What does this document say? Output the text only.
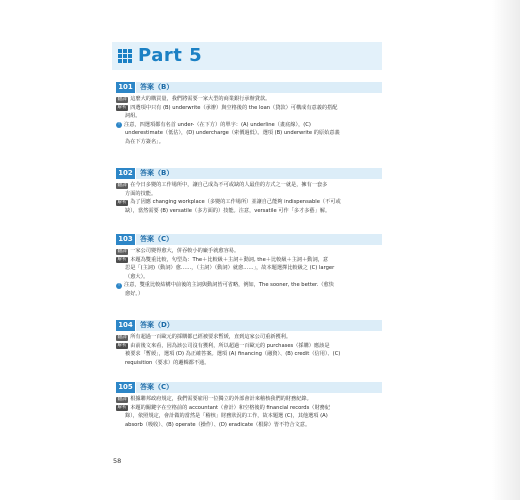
Part 5
101	答案（B）
翻譯 這麼大的購買量，我們將需要一家大型的商業銀行承辦貸款。
解析 四選項中只有 (B) underwrite（承辦）與空格後的 the loan（貸款）可構成有意義的搭配
詞組。
! 注意，四選項都有名首 under-（在下方）的單字：(A) underline（畫底線），(C)
underestimate（低估），(D) undercharge（索價過低）。選項 (B) underwrite 的原始意義
為在下方簽名」。
102	答案（B）
翻譯 在今日多變的工作場所中，讓自己成為不可或缺的人最佳的方式之一就是，擁有一套多
方面的技能。
解析 為了因應 changing workplace（多變的工作場所）並讓自己能夠 indispensable（不可或
缺），當然需要 (B) versatile（多方面的）技能。注意，versatile 可作「多才多藝」解。
103	答案（C）
翻譯 一家公司變得愈大，併吞較小的廠手就愈容易。
解析 本題為雙重比較，句型為：The＋比較級＋主詞＋動詞, the＋比較級＋主詞＋動詞，意
思是「(主詞)（動詞）愈……，（主詞）（動詞）就愈……」，故本題選擇比較級之 (C) larger
（愈大）。
! 注意，雙重比較結構中前後的主詞與動詞皆可省略，例如，The sooner, the better.（愈快
愈好。）
104	答案（D）
翻譯 所有超過一百歐元的採購都已經被要求暫緩，直到這家公司重新獲利。
解析 由前後文來看，因為該公司沒有獲利，所以超過一百歐元的 purchases（採購）應該是
被要求「暫緩」，選項 (D) 為正確答案。選項 (A) financing（融資）、(B) credit（信用）、(C)
requisition（要求）的邏輯都不通。
105	答案（C）
翻譯 根據聯邦政府規定，我們需要雇用一位獨立的外部會計來稽核我們的財務紀錄。
解析 本題的關鍵字在空格前的 accountant（會計）和空格後的 financial records（財務紀
錄），依照規定，會計做的當然是「稽核」財務狀況的工作，故本題選 (C)，其他選項 (A)
absorb（吸收）、(B) operate（操作）、(D) eradicate（根除）皆不符合文意。
58
